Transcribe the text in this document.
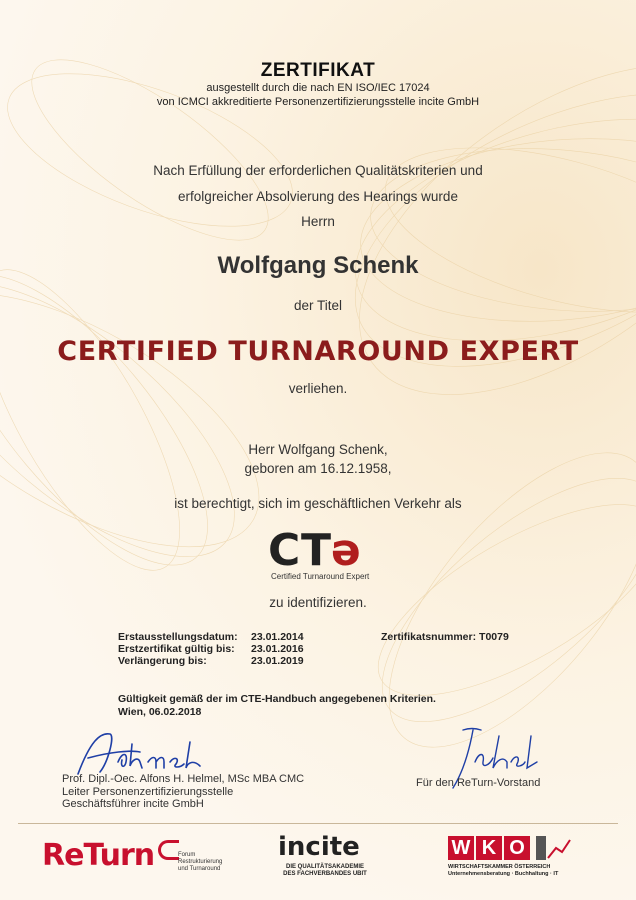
ZERTIFIKAT
ausgestellt durch die nach EN ISO/IEC 17024
von ICMCI akkreditierte Personenzertifizierungsstelle incite GmbH
Nach Erfüllung der erforderlichen Qualitätskriterien und
erfolgreicher Absolvierung des Hearings wurde
Herrn
Wolfgang Schenk
der Titel
CERTIFIED TURNAROUND EXPERT
verliehen.
Herr Wolfgang Schenk,
geboren am 16.12.1958,
ist berechtigt, sich im geschäftlichen Verkehr als
C T ə
Certified Turnaround Expert
zu identifizieren.
Erstausstellungsdatum: 23.01.2014
Erstzertifikat gültig bis: 23.01.2016
Verlängerung bis:	23.01.2019
Zertifikatsnummer: T0079
Gültigkeit gemäß der im CTE-Handbuch angegebenen Kriterien.
Wien, 06.02.2018
Prof. Dipl.-Oec. Alfons H. Helmel, MSc MBA CMC
Leiter Personenzertifizierungsstelle
Geschäftsführer incite GmbH
Für den ReTurn-Vorstand
ReTurn	Forum
Restrukturierung
und Turnaround
incite
DIE QUALITÄTSAKADEMIE
DES FACHVERBANDES UBIT
W K O
WIRTSCHAFTSKAMMER ÖSTERREICH
Unternehmensberatung · Buchhaltung · IT
